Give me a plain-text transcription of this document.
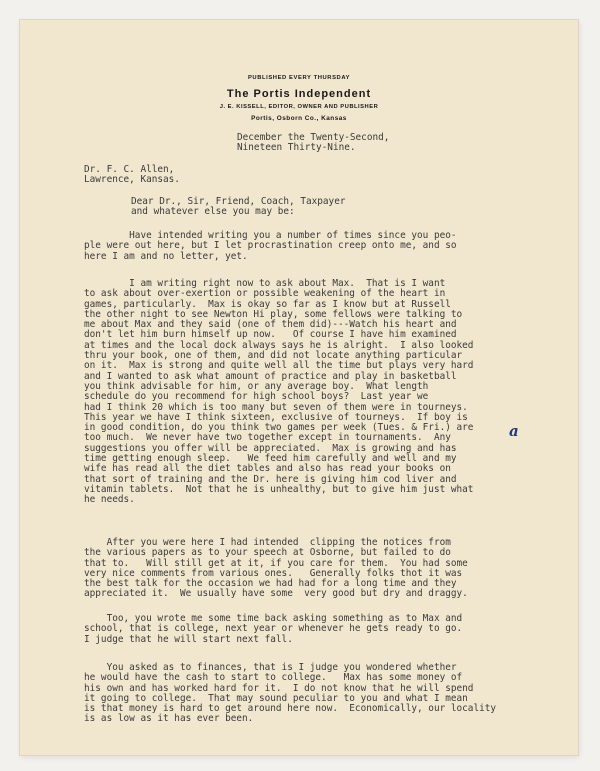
PUBLISHED EVERY THURSDAY
The Portis Independent
J. E. KISSELL, EDITOR, OWNER AND PUBLISHER
Portis, Osborn Co., Kansas
December the Twenty-Second,
Nineteen Thirty-Nine.
Dr. F. C. Allen,
Lawrence, Kansas.
Dear Dr., Sir, Friend, Coach, Taxpayer
and whatever else you may be:
Have intended writing you a number of times since you peo-
ple were out here, but I let procrastination creep onto me, and so
here I am and no letter, yet.
I am writing right now to ask about Max.  That is I want
to ask about over-exertion or possible weakening of the heart in
games, particularly.  Max is okay so far as I know but at Russell
the other night to see Newton Hi play, some fellows were talking to
me about Max and they said (one of them did)---Watch his heart and
don't let him burn himself up now.   Of course I have him examined
at times and the local dock always says he is alright.  I also looked
thru your book, one of them, and did not locate anything particular
on it.  Max is strong and quite well all the time but plays very hard
and I wanted to ask what amount of practice and play in basketball
you think advisable for him, or any average boy.  What length
schedule do you recommend for high school boys?  Last year we
had I think 20 which is too many but seven of them were in tourneys.
This year we have I think sixteen, exclusive of tourneys.  If boy is
in good condition, do you think two games per week (Tues. & Fri.) are
too much.  We never have two together except in tournaments.  Any
suggestions you offer will be appreciated.  Max is growing and has
time getting enough sleep.   We feed him carefully and well and my
wife has read all the diet tables and also has read your books on
that sort of training and the Dr. here is giving him cod liver and
vitamin tablets.  Not that he is unhealthy, but to give him just what
he needs.
After you were here I had intended  clipping the notices from
the various papers as to your speech at Osborne, but failed to do
that to.   Will still get at it, if you care for them.  You had some
very nice comments from various ones.   Generally folks thot it was
the best talk for the occasion we had had for a long time and they
appreciated it.  We usually have some  very good but dry and draggy.
Too, you wrote me some time back asking something as to Max and
school, that is college, next year or whenever he gets ready to go.
I judge that he will start next fall.
You asked as to finances, that is I judge you wondered whether
he would have the cash to start to college.   Max has some money of
his own and has worked hard for it.  I do not know that he will spend
it going to college.  That may sound peculiar to you and what I mean
is that money is hard to get around here now.  Economically, our locality
is as low as it has ever been.
a
